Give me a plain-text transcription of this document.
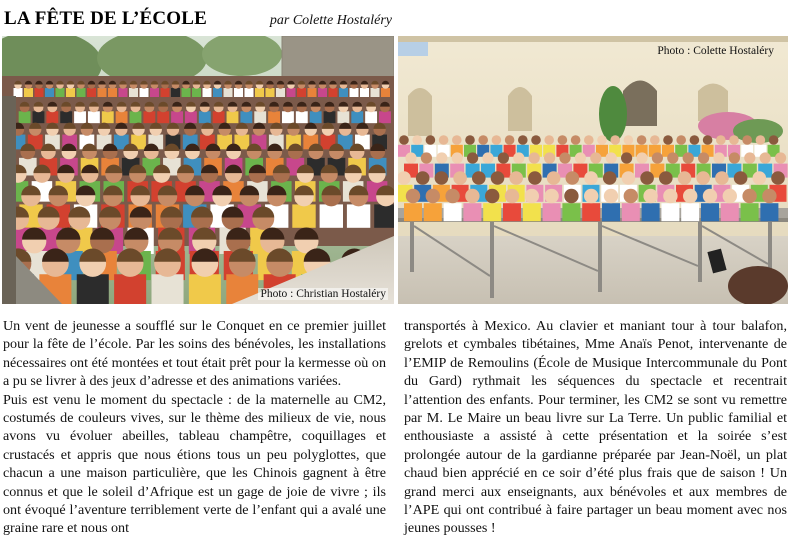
LA FÊTE DE L’ÉCOLE	par Colette Hostaléry
Photo : Christian Hostaléry
Photo : Colette Hostaléry

Un vent de jeunesse a soufflé sur le Conquet en ce premier juillet pour la fête de l’école. Par les soins des bénévoles, les installations nécessaires ont été montées et tout était prêt pour la kermesse où on a pu se livrer à des jeux d’adresse et des animations variées.

Puis est venu le moment du spectacle : de la maternelle au CM2, costumés de couleurs vives, sur le thème des milieux de vie, nous avons vu évoluer abeilles, tableau champêtre, coquillages et crustacés et appris que nous étions tous un peu polyglottes, que chacun a une maison particulière, que les Chinois gagnent à être connus et que le soleil d’Afrique est un gage de joie de vivre ; ils ont évoqué l’aventure terriblement verte de l’enfant qui a avalé une graine rare et nous ont

transportés à Mexico. Au clavier et maniant tour à tour balafon, grelots et cymbales tibétaines, Mme Anaïs Penot, intervenante de l’EMIP de Remoulins (École de Musique Intercommunale du Pont du Gard) rythmait les séquences du spectacle et recentrait l’attention des enfants. Pour terminer, les CM2 se sont vu remettre par M. Le Maire un beau livre sur La Terre. Un public familial et enthousiaste a assisté à cette présentation et la soirée s’est prolongée autour de la gardianne préparée par Jean-Noël, un plat chaud bien apprécié en ce soir d’été plus frais que de saison ! Un grand merci aux enseignants, aux bénévoles et aux membres de l’APE qui ont contribué à faire partager un beau moment avec nos jeunes pousses !
